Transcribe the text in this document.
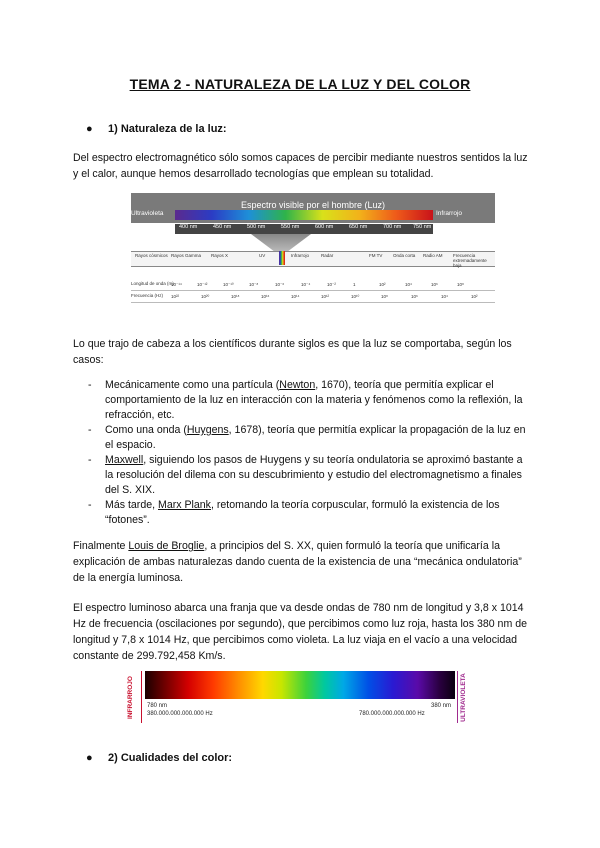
TEMA 2 - NATURALEZA DE LA LUZ Y DEL COLOR
● 1) Naturaleza de la luz:
Del espectro electromagnético sólo somos capaces de percibir mediante nuestros sentidos la luz y el calor, aunque hemos desarrollado tecnologías que emplean su totalidad.
Espectro visible por el hombre (Luz)
Ultravioleta	Infrarrojo
400 nm	450 nm	500 nm	550 nm	600 nm	650 nm	700 nm 750 nm
Rayos cósmicos Rayos Gamma Rayos X	UV	Infrarrojo	Radar	FM TV Onda corta Radio AM Frecuencia extremadamente baja
Longitud de onda (m)
10⁻¹⁴	10⁻¹²	10⁻¹⁰	10⁻⁸	10⁻⁶	10⁻⁴	10⁻²	1	10²	10⁴	10⁶	10⁸
Frecuencia (Hz) 10²²	10²⁰	10¹⁸	10¹⁶	10¹⁴	10¹²	10¹⁰	10⁸	10⁶	10⁴	10²
Lo que trajo de cabeza a los científicos durante siglos es que la luz se comportaba, según los casos:

- Mecánicamente como una partícula (Newton, 1670), teoría que permitía explicar el comportamiento de la luz en interacción con la materia y fenómenos como la reflexión, la refracción, etc.

- Como una onda (Huygens, 1678), teoría que permitía explicar la propagación de la luz en el espacio.

- Maxwell, siguiendo los pasos de Huygens y su teoría ondulatoria se aproximó bastante a la resolución del dilema con su descubrimiento y estudio del electromagnetismo a finales del S. XIX.

- Más tarde, Marx Plank, retomando la teoría corpuscular, formuló la existencia de los “fotones”.

Finalmente Louis de Broglie, a principios del S. XX, quien formuló la teoría que unificaría la explicación de ambas naturalezas dando cuenta de la existencia de una “mecánica ondulatoria” de la energía luminosa.
El espectro luminoso abarca una franja que va desde ondas de 780 nm de longitud y 3,8 x 1014 Hz de frecuencia (oscilaciones por segundo), que percibimos como luz roja, hasta los 380 nm de longitud y 7,8 x 1014 Hz, que percibimos como violeta. La luz viaja en el vacío a una velocidad constante de 299.792,458 Km/s.
INFRARROJO	ULTRAVIOLETA
780 nm
380.000.000.000.000 Hz
380 nm
780.000.000.000.000 Hz
● 2) Cualidades del color:
